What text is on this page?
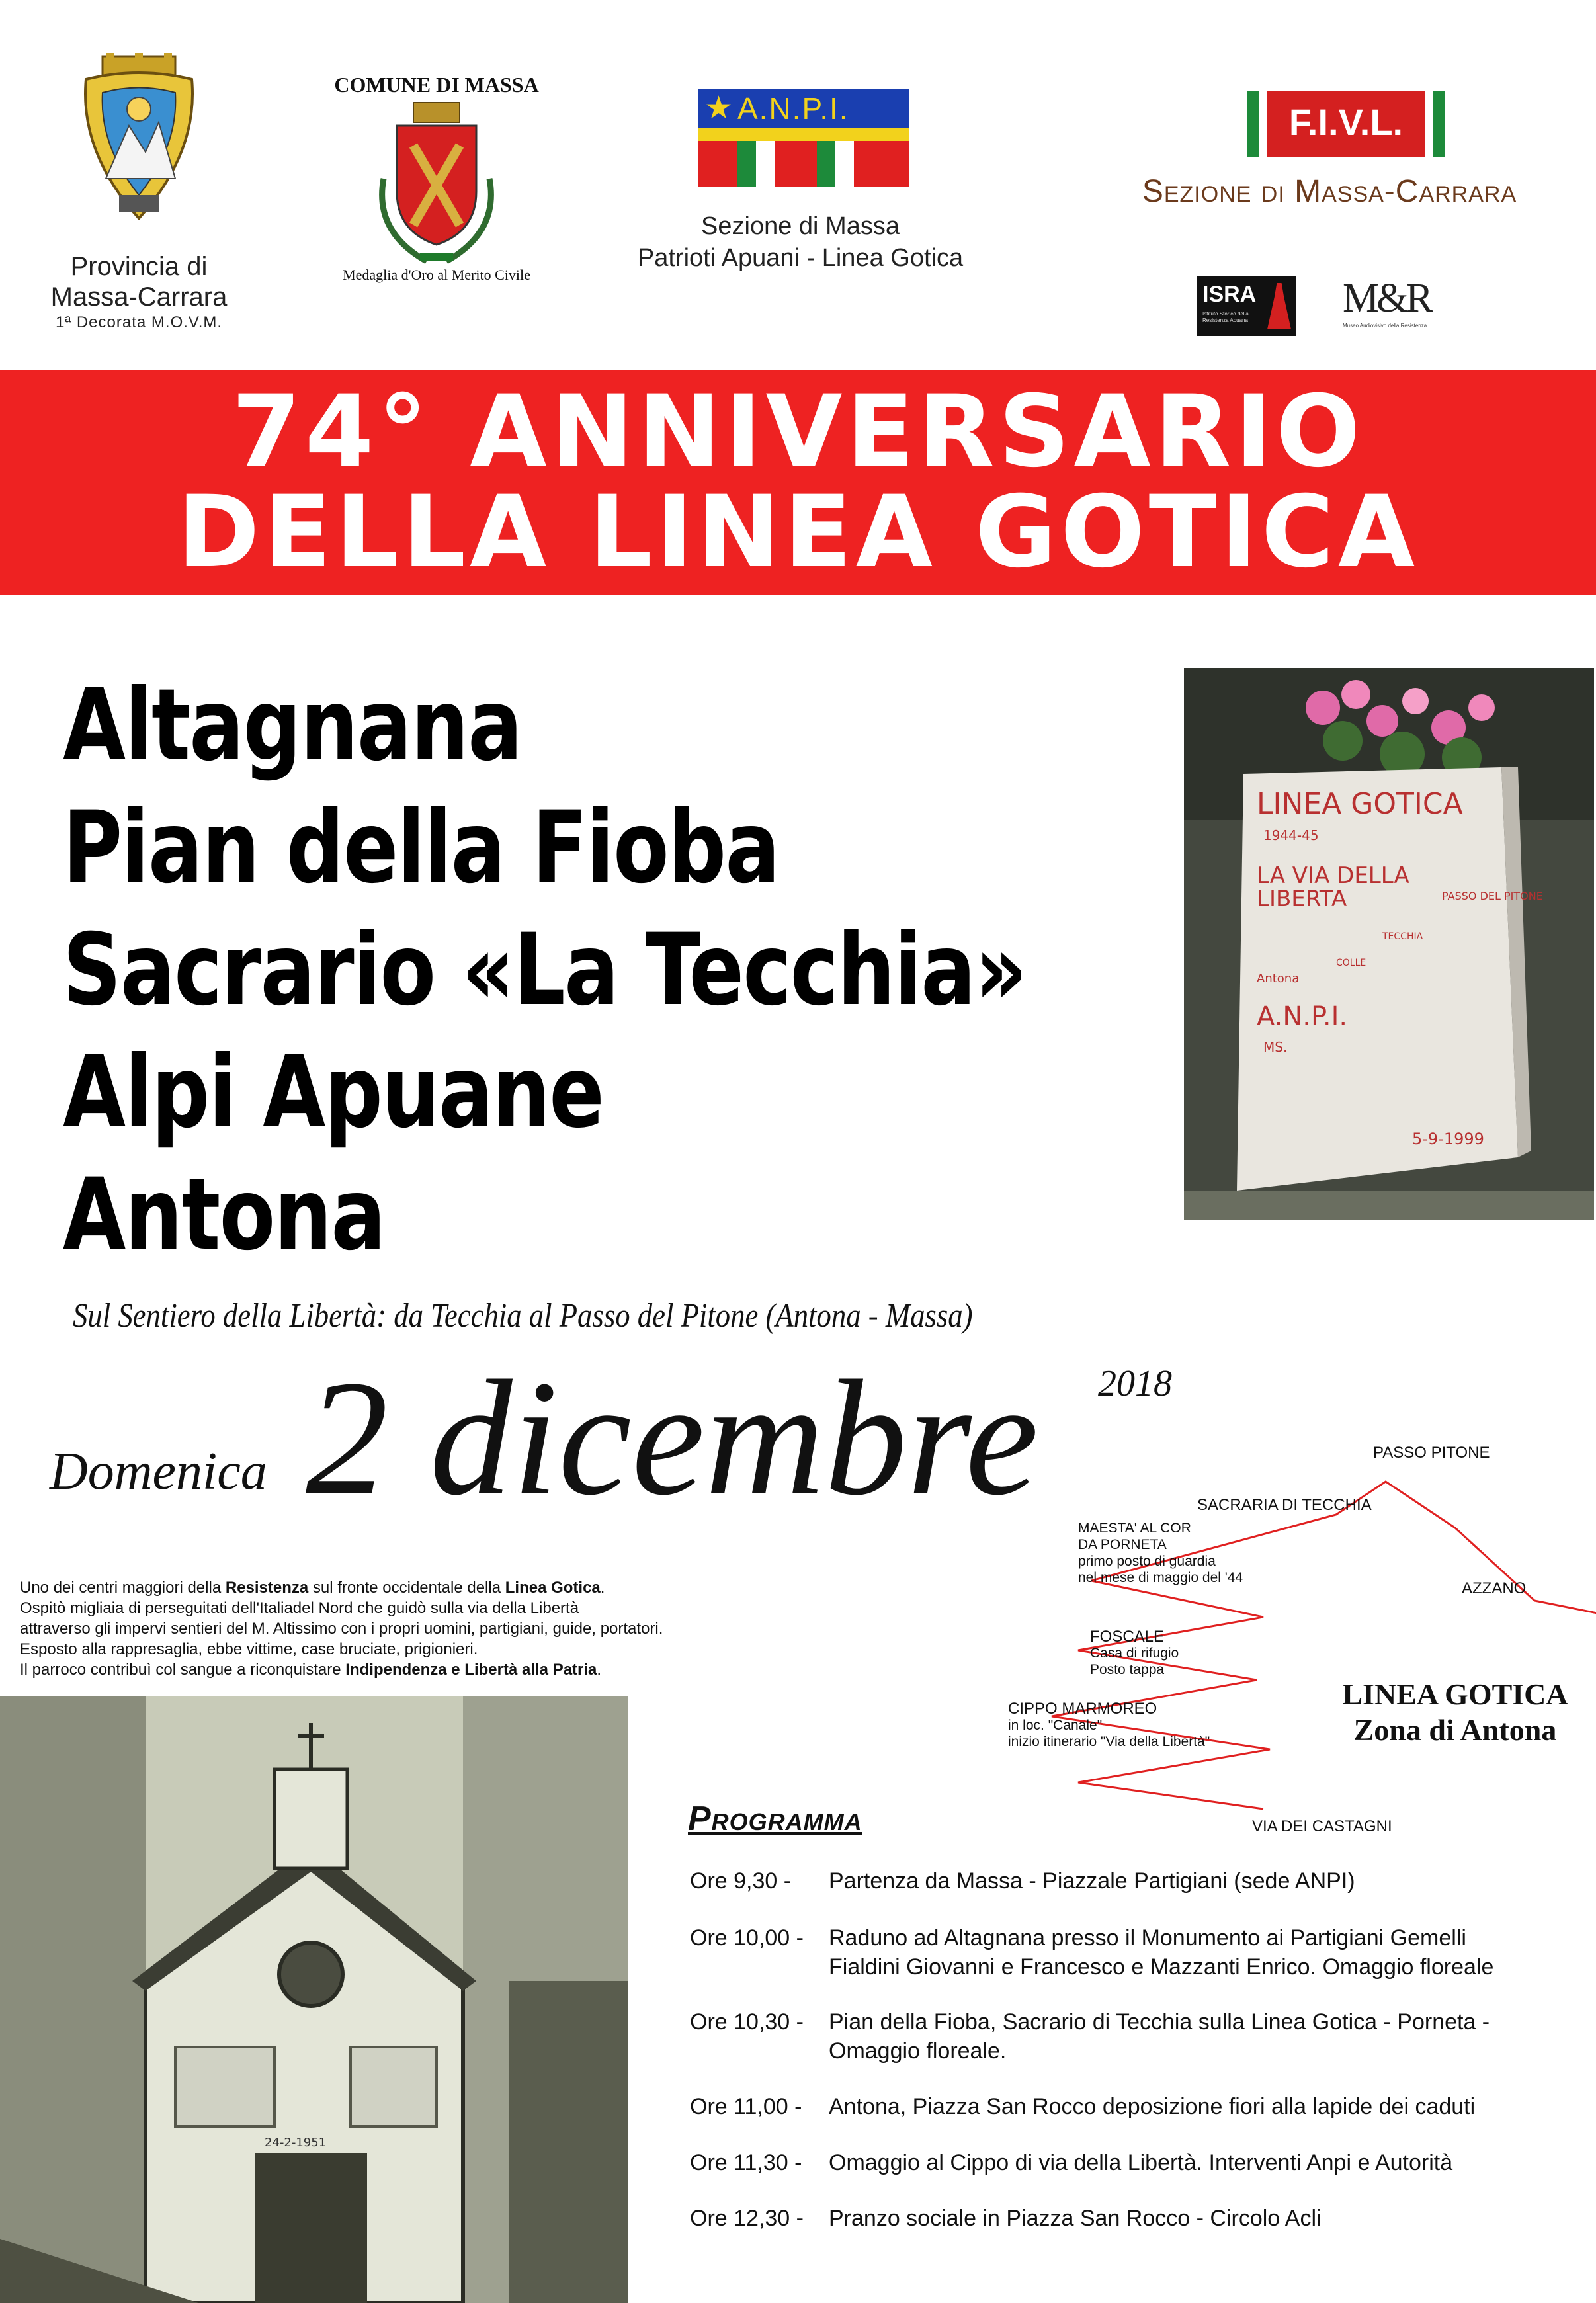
Provincia di
Massa-Carrara
1ª Decorata M.O.V.M.
COMUNE DI MASSA
Medaglia d'Oro al Merito Civile
★ A.N.P.I.
Sezione di Massa
Patrioti Apuani - Linea Gotica
F.I.V.L.
Sezione di Massa-Carrara
ISRA
Istituto Storico della Resistenza Apuana	M&R
Museo Audiovisivo della Resistenza
74° ANNIVERSARIO
DELLA LINEA GOTICA
Altagnana
Pian della Fioba
Sacrario «La Tecchia»
Alpi Apuane
Antona
LINEA GOTICA
1944-45
LA VIA DELLA
LIBERTA	PASSO DEL PITONE
TECCHIA
COLLE
Antona
A.N.P.I.
MS.
5-9-1999
Sul Sentiero della Libertà: da Tecchia al Passo del Pitone (Antona - Massa)
Domenica 2 dicembre 2018
Uno dei centri maggiori della Resistenza sul fronte occidentale della Linea Gotica.
Ospitò migliaia di perseguitati dell'Italiadel Nord che guidò sulla via della Libertà
attraverso gli impervi sentieri del M. Altissimo con i propri uomini, partigiani, guide, portatori.
Esposto alla rappresaglia, ebbe vittime, case bruciate, prigionieri.
Il parroco contribuì col sangue a riconquistare Indipendenza e Libertà alla Patria.
24-2-1951
PASSO PITONE
SACRARIA DI TECCHIA
MAESTA' AL COR
DA PORNETA
primo posto di guardia
nel mese di maggio del '44
AZZANO
FOSCALE
Casa di rifugio
Posto tappa
CIPPO MARMOREO
in loc. "Canale"
inizio itinerario "Via della Libertà"
VIA DEI CASTAGNI
LINEA GOTICA
Zona di Antona
Programma
Ore 9,30 -	Partenza da Massa - Piazzale Partigiani (sede ANPI)
Ore 10,00 -	Raduno ad Altagnana presso il Monumento ai Partigiani Gemelli Fialdini Giovanni e Francesco e Mazzanti Enrico. Omaggio floreale
Ore 10,30 -	Pian della Fioba, Sacrario di Tecchia sulla Linea Gotica - Porneta - Omaggio floreale.
Ore 11,00 -	Antona, Piazza San Rocco deposizione fiori alla lapide dei caduti
Ore 11,30 -	Omaggio al Cippo di via della Libertà. Interventi Anpi e Autorità
Ore 12,30 -	Pranzo sociale in Piazza San Rocco - Circolo Acli
